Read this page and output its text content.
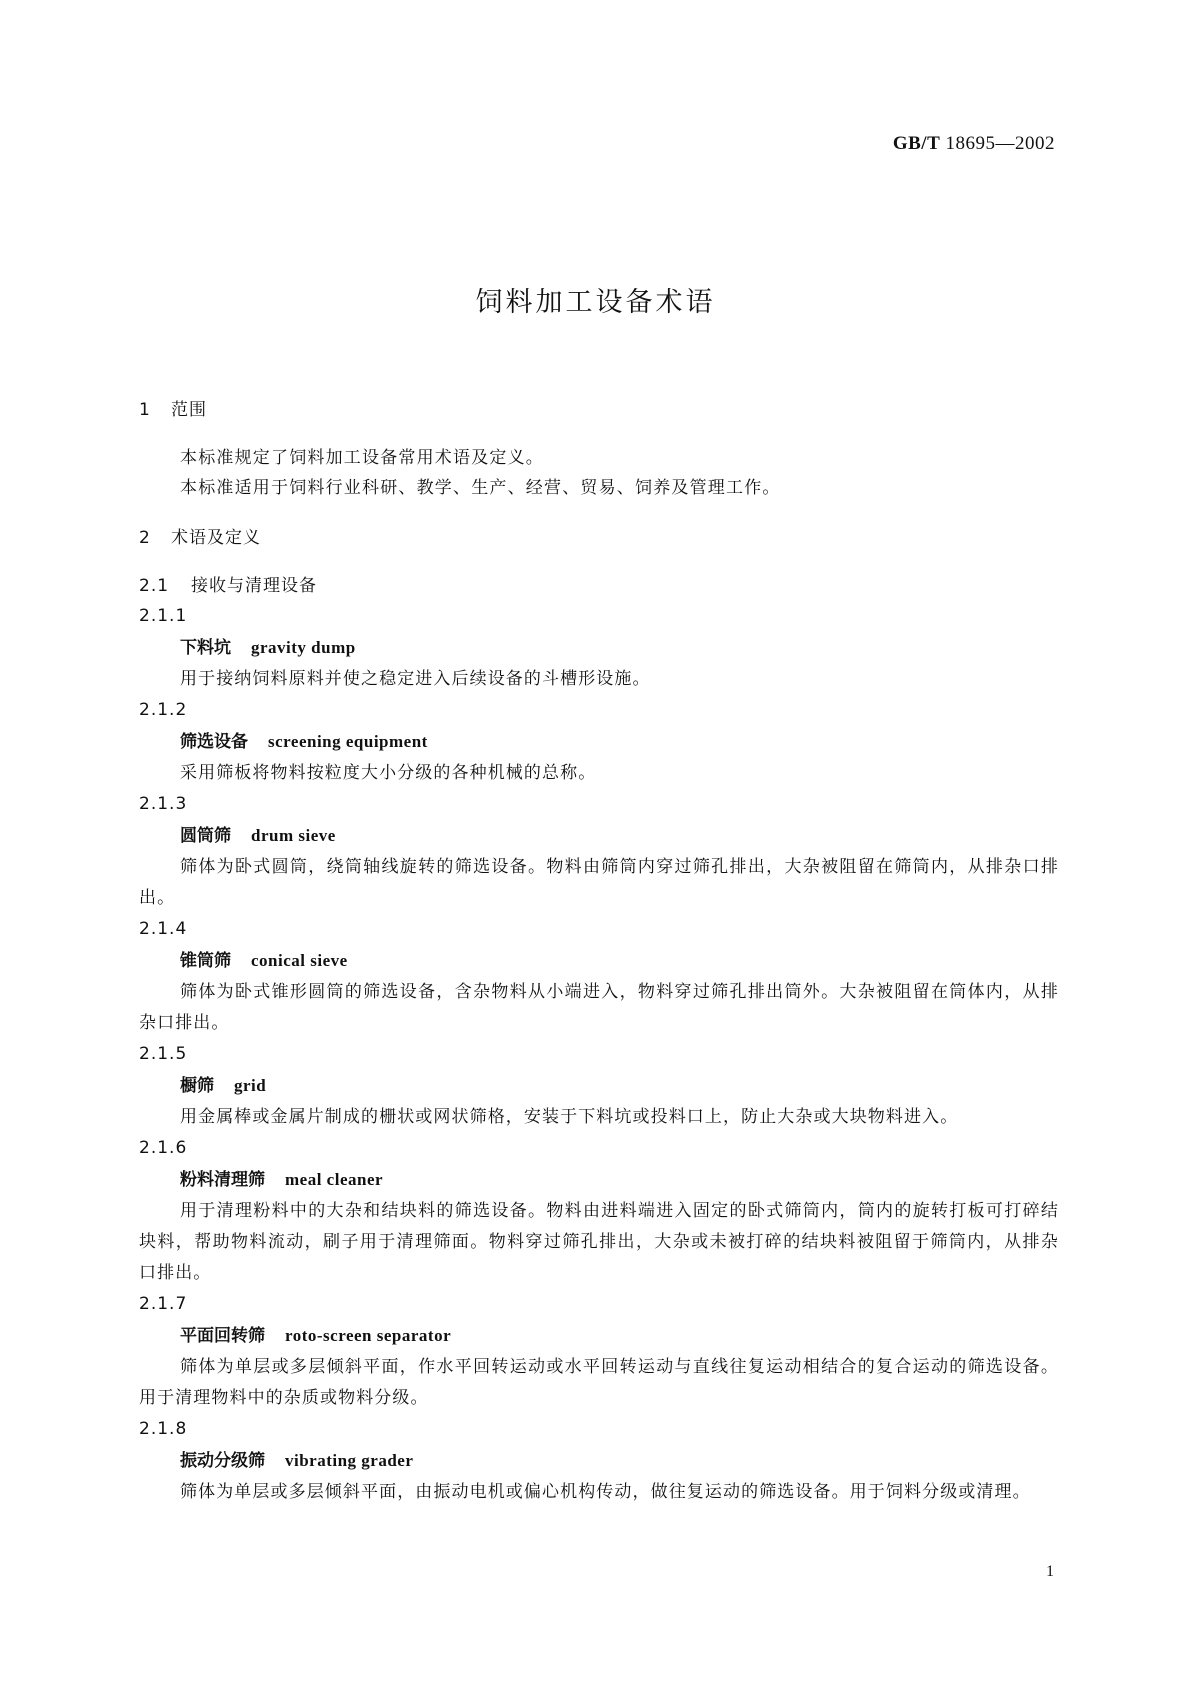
GB/T 18695—2002
饲料加工设备术语
1 范围
本标准规定了饲料加工设备常用术语及定义。
本标准适用于饲料行业科研、教学、生产、经营、贸易、饲养及管理工作。
2 术语及定义
2.1 接收与清理设备
2.1.1
下料坑 gravity dump
用于接纳饲料原料并使之稳定进入后续设备的斗槽形设施。
2.1.2
筛选设备 screening equipment
采用筛板将物料按粒度大小分级的各种机械的总称。
2.1.3
圆筒筛 drum sieve
筛体为卧式圆筒，绕筒轴线旋转的筛选设备。物料由筛筒内穿过筛孔排出，大杂被阻留在筛筒内，从排杂口排出。
2.1.4
锥筒筛 conical sieve
筛体为卧式锥形圆筒的筛选设备，含杂物料从小端进入，物料穿过筛孔排出筒外。大杂被阻留在筒体内，从排杂口排出。
2.1.5
橱筛 grid
用金属棒或金属片制成的栅状或网状筛格，安装于下料坑或投料口上，防止大杂或大块物料进入。
2.1.6
粉料清理筛 meal cleaner
用于清理粉料中的大杂和结块料的筛选设备。物料由进料端进入固定的卧式筛筒内，筒内的旋转打板可打碎结块料，帮助物料流动，刷子用于清理筛面。物料穿过筛孔排出，大杂或未被打碎的结块料被阻留于筛筒内，从排杂口排出。
2.1.7
平面回转筛 roto-screen separator
筛体为单层或多层倾斜平面，作水平回转运动或水平回转运动与直线往复运动相结合的复合运动的筛选设备。用于清理物料中的杂质或物料分级。
2.1.8
振动分级筛 vibrating grader
筛体为单层或多层倾斜平面，由振动电机或偏心机构传动，做往复运动的筛选设备。用于饲料分级或清理。
1
